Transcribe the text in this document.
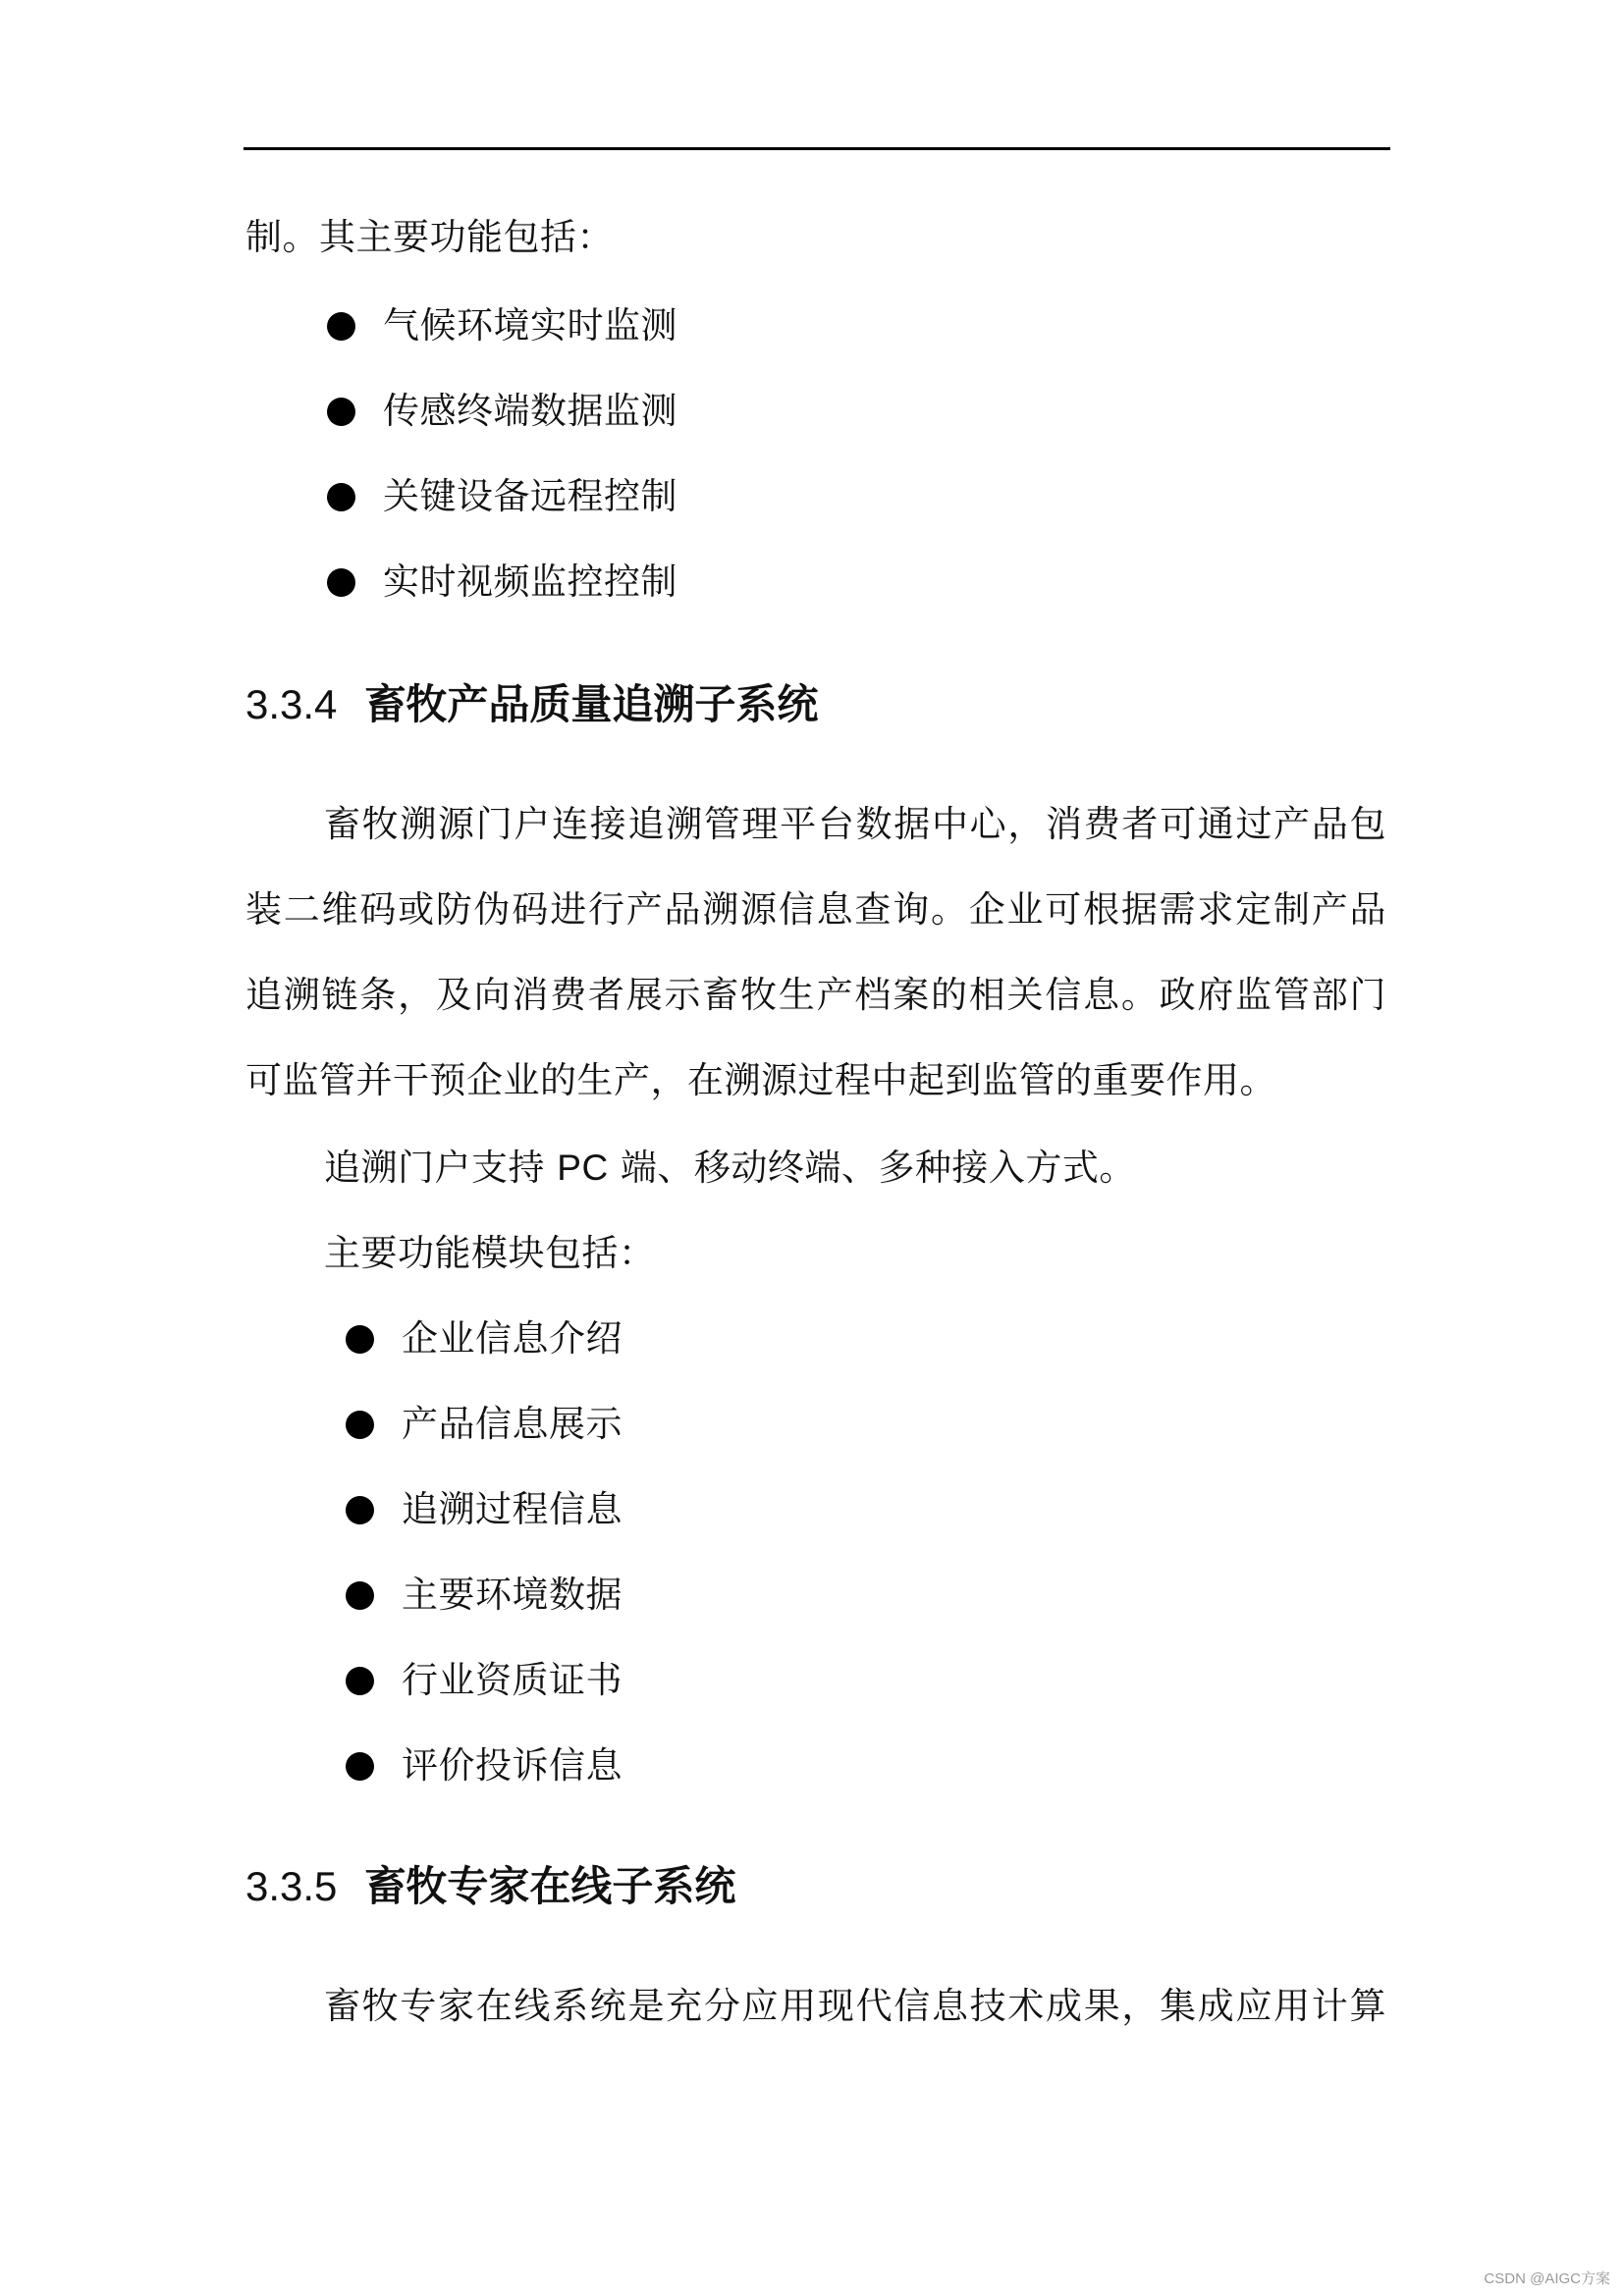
制。其主要功能包括：
气候环境实时监测
传感终端数据监测
关键设备远程控制
实时视频监控控制
3.3.4 畜牧产品质量追溯子系统
畜牧溯源门户连接追溯管理平台数据中心，消费者可通过产品包
装二维码或防伪码进行产品溯源信息查询。企业可根据需求定制产品
追溯链条，及向消费者展示畜牧生产档案的相关信息。政府监管部门
可监管并干预企业的生产，在溯源过程中起到监管的重要作用。
追溯门户支持 PC 端、移动终端、多种接入方式。
主要功能模块包括：
企业信息介绍
产品信息展示
追溯过程信息
主要环境数据
行业资质证书
评价投诉信息
3.3.5 畜牧专家在线子系统
畜牧专家在线系统是充分应用现代信息技术成果，集成应用计算
CSDN @AIGC方案
